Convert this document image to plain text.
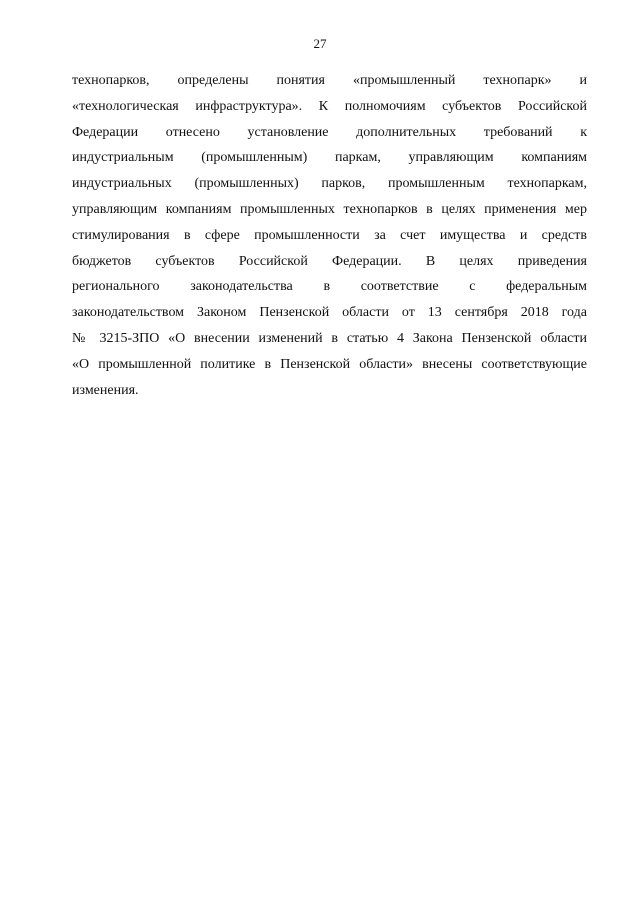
27
технопарков, определены понятия «промышленный технопарк» и
«технологическая инфраструктура». К полномочиям субъектов Российской
Федерации отнесено установление дополнительных требований к
индустриальным (промышленным) паркам, управляющим компаниям
индустриальных (промышленных) парков, промышленным технопаркам,
управляющим компаниям промышленных технопарков в целях применения мер
стимулирования в сфере промышленности за счет имущества и средств
бюджетов субъектов Российской Федерации. В целях приведения
регионального законодательства в соответствие с федеральным
законодательством Законом Пензенской области от 13 сентября 2018 года
№ 3215-ЗПО «О внесении изменений в статью 4 Закона Пензенской области
«О промышленной политике в Пензенской области» внесены соответствующие
изменения.
